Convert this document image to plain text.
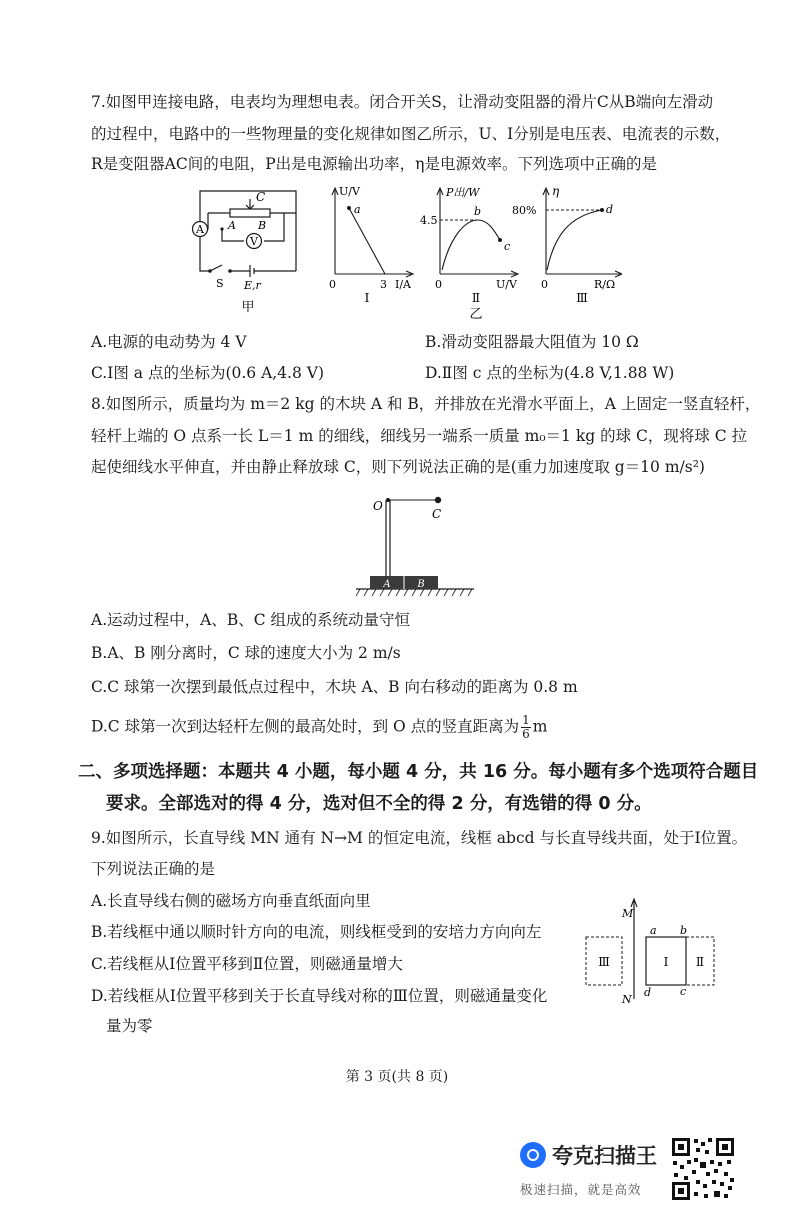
7.如图甲连接电路，电表均为理想电表。闭合开关S，让滑动变阻器的滑片C从B端向左滑动
的过程中，电路中的一些物理量的变化规律如图乙所示，U、I分别是电压表、电流表的示数，
R是变阻器AC间的电阻，P出是电源输出功率，η是电源效率。下列选项中正确的是
A
V
C
A B
S E,r
甲
U/V
a
0	3 I/A
Ⅰ
P出/W
4.5
b
c
0	U/V
Ⅱ
乙
η
80%	d
0	R/Ω
Ⅲ
A.电源的电动势为 4 V	B.滑动变阻器最大阻值为 10 Ω
C.Ⅰ图 a 点的坐标为(0.6 A,4.8 V)	D.Ⅱ图 c 点的坐标为(4.8 V,1.88 W)
8.如图所示，质量均为 m＝2 kg 的木块 A 和 B，并排放在光滑水平面上，A 上固定一竖直轻杆，
轻杆上端的 O 点系一长 L＝1 m 的细线，细线另一端系一质量 m₀＝1 kg 的球 C，现将球 C 拉
起使细线水平伸直，并由静止释放球 C，则下列说法正确的是(重力加速度取 g＝10 m/s²)
O
C
A	B
A.运动过程中，A、B、C 组成的系统动量守恒
B.A、B 刚分离时，C 球的速度大小为 2 m/s
C.C 球第一次摆到最低点过程中，木块 A、B 向右移动的距离为 0.8 m
D.C 球第一次到达轻杆左侧的最高处时，到 O 点的竖直距离为 $\frac{1}{6}$ m
二、多项选择题：本题共 4 小题，每小题 4 分，共 16 分。每小题有多个选项符合题目
要求。全部选对的得 4 分，选对但不全的得 2 分，有选错的得 0 分。
9.如图所示，长直导线 MN 通有 N→M 的恒定电流，线框 abcd 与长直导线共面，处于Ⅰ位置。
下列说法正确的是
A.长直导线右侧的磁场方向垂直纸面向里
B.若线框中通以顺时针方向的电流，则线框受到的安培力方向向左
C.若线框从Ⅰ位置平移到Ⅱ位置，则磁通量增大
D.若线框从Ⅰ位置平移到关于长直导线对称的Ⅲ位置，则磁通量变化
量为零
M
N
a b
c
d
Ⅰ Ⅱ
Ⅲ
第 3 页(共 8 页)
夸克扫描王
极速扫描，就是高效
